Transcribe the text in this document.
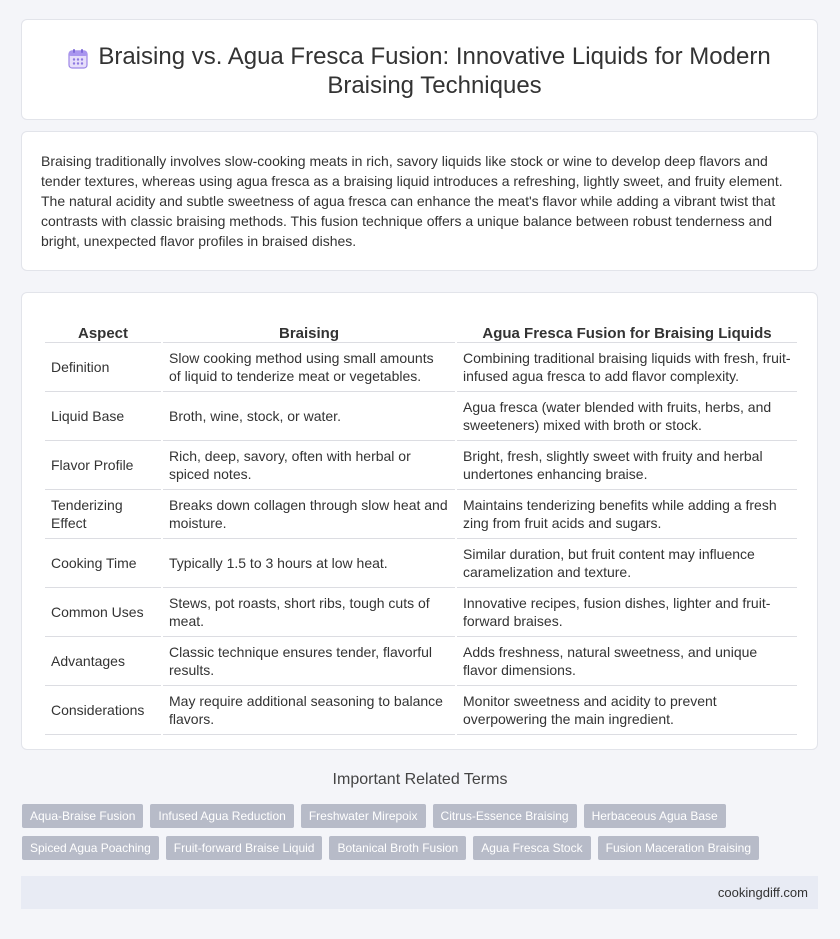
Braising vs. Agua Fresca Fusion: Innovative Liquids for Modern Braising Techniques

Braising traditionally involves slow-cooking meats in rich, savory liquids like stock or wine to develop deep flavors and tender textures, whereas using agua fresca as a braising liquid introduces a refreshing, lightly sweet, and fruity element. The natural acidity and subtle sweetness of agua fresca can enhance the meat's flavor while adding a vibrant twist that contrasts with classic braising methods. This fusion technique offers a unique balance between robust tenderness and bright, unexpected flavor profiles in braised dishes.

Aspect	Braising	Agua Fresca Fusion for Braising Liquids
Definition	Slow cooking method using small amounts of liquid to tenderize meat or vegetables.	Combining traditional braising liquids with fresh, fruit-infused agua fresca to add flavor complexity.
Liquid Base	Broth, wine, stock, or water.	Agua fresca (water blended with fruits, herbs, and sweeteners) mixed with broth or stock.
Flavor Profile	Rich, deep, savory, often with herbal or spiced notes.	Bright, fresh, slightly sweet with fruity and herbal undertones enhancing braise.
Tenderizing Effect	Breaks down collagen through slow heat and moisture.	Maintains tenderizing benefits while adding a fresh zing from fruit acids and sugars.
Cooking Time	Typically 1.5 to 3 hours at low heat.	Similar duration, but fruit content may influence caramelization and texture.
Common Uses	Stews, pot roasts, short ribs, tough cuts of meat.	Innovative recipes, fusion dishes, lighter and fruit-forward braises.
Advantages	Classic technique ensures tender, flavorful results.	Adds freshness, natural sweetness, and unique flavor dimensions.
Considerations	May require additional seasoning to balance flavors.	Monitor sweetness and acidity to prevent overpowering the main ingredient.
Important Related Terms
Aqua-Braise Fusion	Infused Agua Reduction	Freshwater Mirepoix	Citrus-Essence Braising	Herbaceous Agua Base
Spiced Agua Poaching	Fruit-forward Braise Liquid	Botanical Broth Fusion	Agua Fresca Stock	Fusion Maceration Braising
cookingdiff.com
